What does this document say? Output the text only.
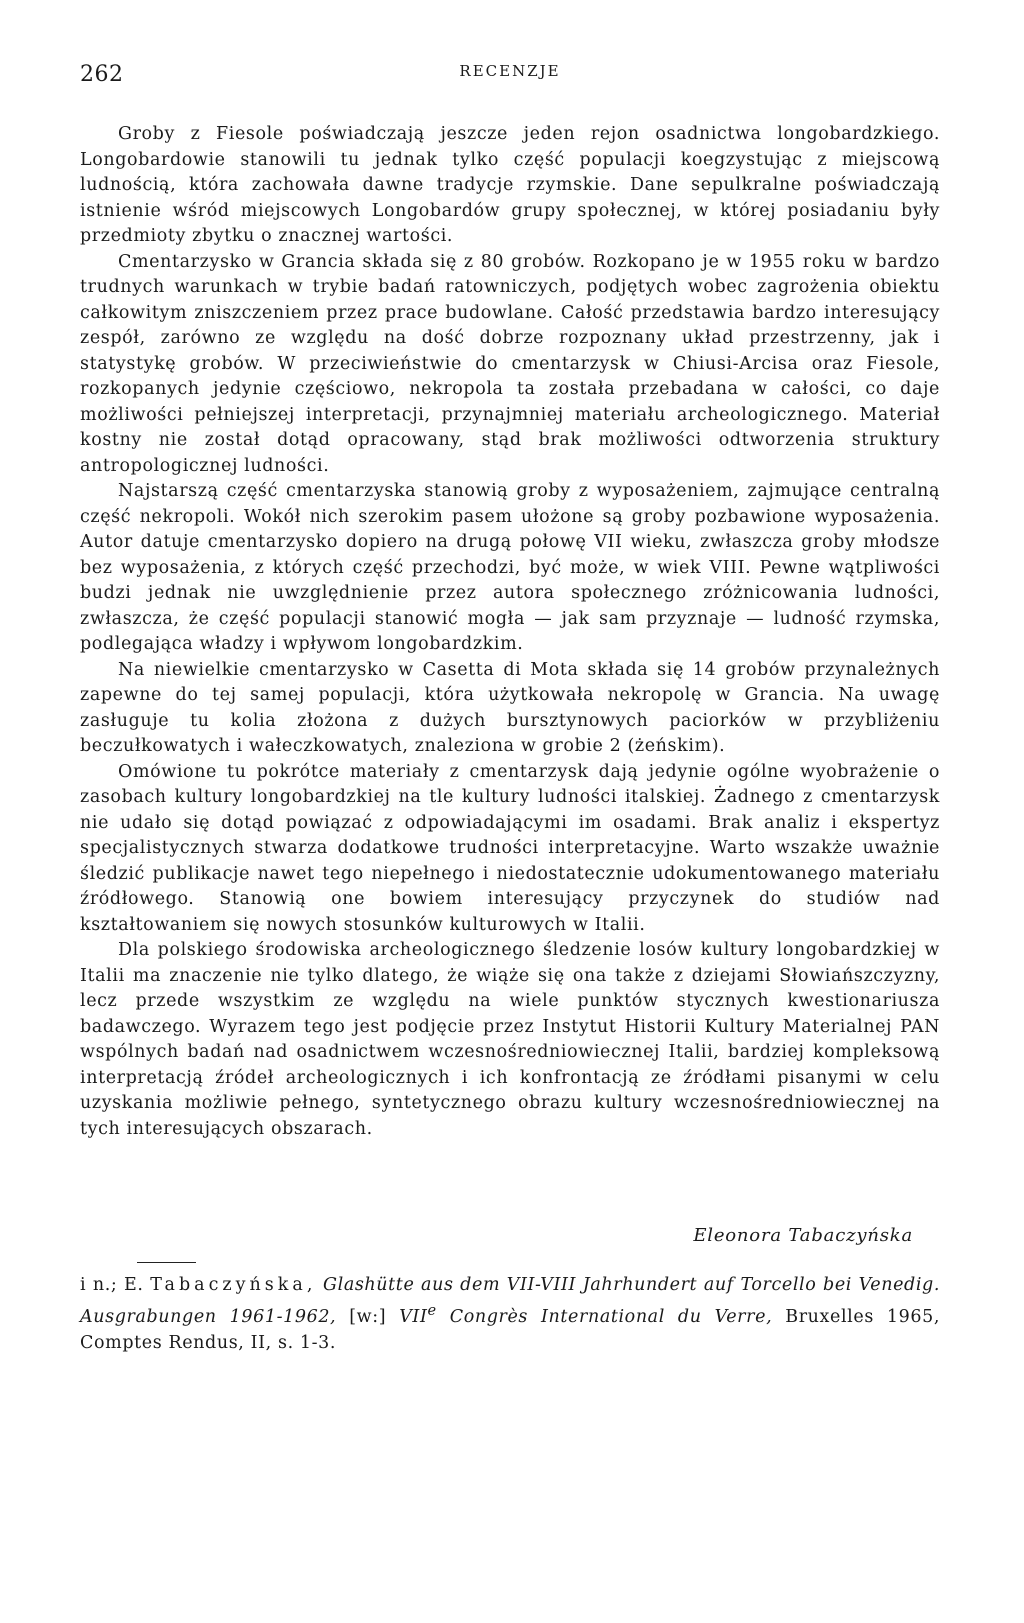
262	RECENZJE

Groby z Fiesole poświadczają jeszcze jeden rejon osadnictwa longobardzkiego. Longobardowie stanowili tu jednak tylko część populacji koegzystując z miejscową ludnością, która zachowała dawne tradycje rzymskie. Dane sepulkralne poświadczają istnienie wśród miejscowych Longobardów grupy społecznej, w której posiadaniu były przedmioty zbytku o znacznej wartości.

Cmentarzysko w Grancia składa się z 80 grobów. Rozkopano je w 1955 roku w bardzo trudnych warunkach w trybie badań ratowniczych, podjętych wobec zagrożenia obiektu całkowitym zniszczeniem przez prace budowlane. Całość przedstawia bardzo interesujący zespół, zarówno ze względu na dość dobrze rozpoznany układ przestrzenny, jak i statystykę grobów. W przeciwieństwie do cmentarzysk w Chiusi-Arcisa oraz Fiesole, rozkopanych jedynie częściowo, nekropola ta została przebadana w całości, co daje możliwości pełniejszej interpretacji, przynajmniej materiału archeologicznego. Materiał kostny nie został dotąd opracowany, stąd brak możliwości odtworzenia struktury antropologicznej ludności.

Najstarszą część cmentarzyska stanowią groby z wyposażeniem, zajmujące centralną część nekropoli. Wokół nich szerokim pasem ułożone są groby pozbawione wyposażenia. Autor datuje cmentarzysko dopiero na drugą połowę VII wieku, zwłaszcza groby młodsze bez wyposażenia, z których część przechodzi, być może, w wiek VIII. Pewne wątpliwości budzi jednak nie uwzględnienie przez autora społecznego zróżnicowania ludności, zwłaszcza, że część populacji stanowić mogła — jak sam przyznaje — ludność rzymska, podlegająca władzy i wpływom longobardzkim.

Na niewielkie cmentarzysko w Casetta di Mota składa się 14 grobów przynależnych zapewne do tej samej populacji, która użytkowała nekropolę w Grancia. Na uwagę zasługuje tu kolia złożona z dużych bursztynowych paciorków w przybliżeniu beczułkowatych i wałeczkowatych, znaleziona w grobie 2 (żeńskim).

Omówione tu pokrótce materiały z cmentarzysk dają jedynie ogólne wyobrażenie o zasobach kultury longobardzkiej na tle kultury ludności italskiej. Żadnego z cmentarzysk nie udało się dotąd powiązać z odpowiadającymi im osadami. Brak analiz i ekspertyz specjalistycznych stwarza dodatkowe trudności interpretacyjne. Warto wszakże uważnie śledzić publikacje nawet tego niepełnego i niedostatecznie udokumentowanego materiału źródłowego. Stanowią one bowiem interesujący przyczynek do studiów nad kształtowaniem się nowych stosunków kulturowych w Italii.

Dla polskiego środowiska archeologicznego śledzenie losów kultury longobardzkiej w Italii ma znaczenie nie tylko dlatego, że wiąże się ona także z dziejami Słowiańszczyzny, lecz przede wszystkim ze względu na wiele punktów stycznych kwestionariusza badawczego. Wyrazem tego jest podjęcie przez Instytut Historii Kultury Materialnej PAN wspólnych badań nad osadnictwem wczesnośredniowiecznej Italii, bardziej kompleksową interpretacją źródeł archeologicznych i ich konfrontacją ze źródłami pisanymi w celu uzyskania możliwie pełnego, syntetycznego obrazu kultury wczesnośredniowiecznej na tych interesujących obszarach.

Eleonora Tabaczyńska

i n.; E. Tabaczyńska, Glashütte aus dem VII-VIII Jahrhundert auf Torcello bei Venedig. Ausgrabungen 1961-1962, [w:] VIIe Congrès International du Verre, Bruxelles 1965, Comptes Rendus, II, s. 1-3.
